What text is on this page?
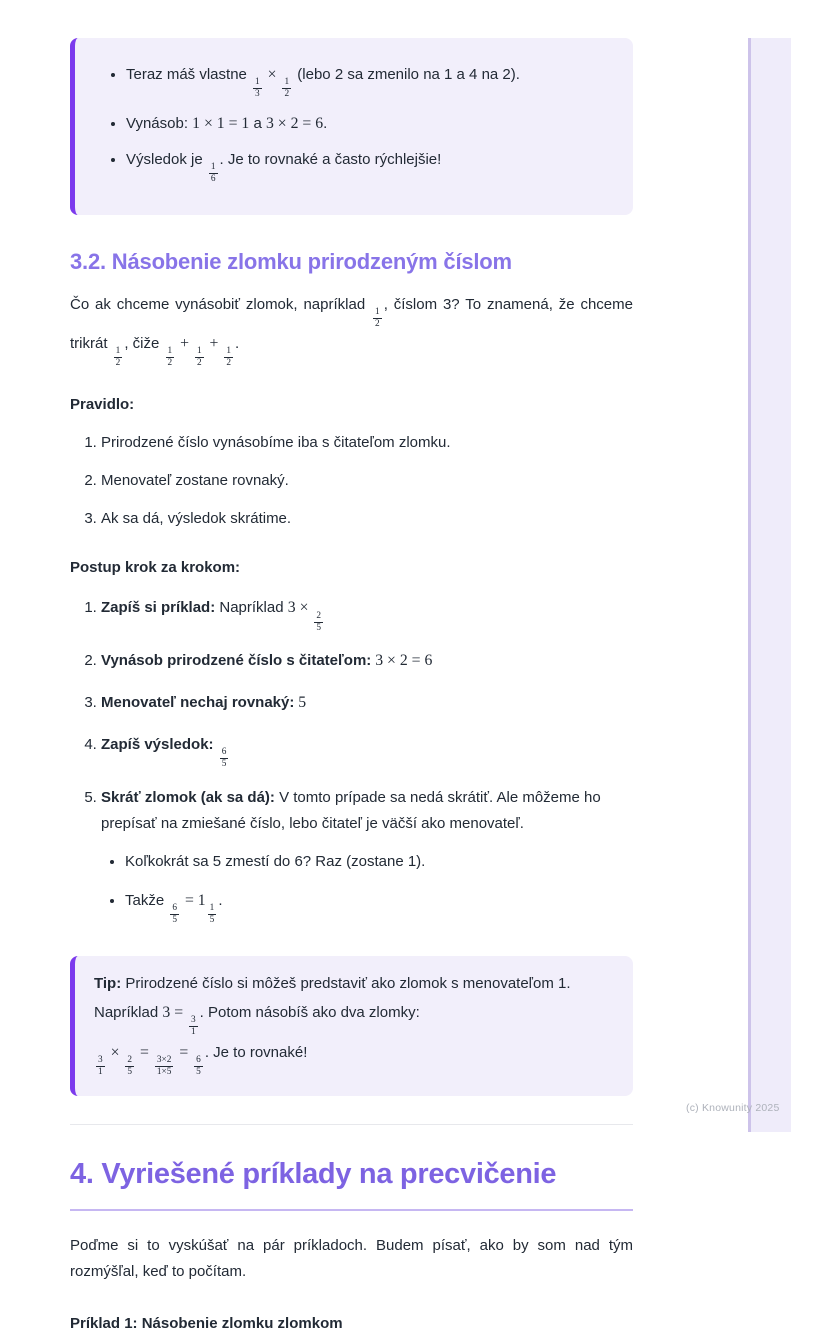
• Teraz máš vlastne
$\frac{1}{3}$
×
$\frac{1}{2}$
(lebo 2 sa zmenilo na 1 a 4 na 2).
• Vynásob: 1 × 1 = 1 a 3 × 2 = 6.
• Výsledok je
$\frac{1}{6}$
. Je to rovnaké a často rýchlejšie!
3.2. Násobenie zlomku prirodzeným číslom

Čo ak chceme vynásobiť zlomok, napríklad
$\frac{1}{2}$
, číslom 3? To znamená, že chceme trikrát
$\frac{1}{2}$
, čiže
$\frac{1}{2}$
+
$\frac{1}{2}$
+
$\frac{1}{2}$
.

Pravidlo:
1. Prirodzené číslo vynásobíme iba s čitateľom zlomku.
2. Menovateľ zostane rovnaký.
3. Ak sa dá, výsledok skrátime.
Postup krok za krokom:
1. Zapíš si príklad: Napríklad 3 ×
$\frac{2}{5}$
2. Vynásob prirodzené číslo s čitateľom: 3 × 2 = 6
3. Menovateľ nechaj rovnaký: 5
4. Zapíš výsledok:
$\frac{6}{5}$
5. Skráť zlomok (ak sa dá): V tomto prípade sa nedá skrátiť. Ale môžeme ho prepísať na zmiešané číslo, lebo čitateľ je väčší ako menovateľ.
• Koľkokrát sa 5 zmestí do 6? Raz (zostane 1).
• Takže
$\frac{6}{5}$
= 1
$\frac{1}{5}$
.
Tip: Prirodzené číslo si môžeš predstaviť ako zlomok s menovateľom 1.
Napríklad 3 =
$\frac{3}{1}$
. Potom násobíš ako dva zlomky:
$\frac{3}{1}$
×
$\frac{2}{5}$
=
$\frac{3\times 2}{1\times 5}$
=
$\frac{6}{5}$
. Je to rovnaké!
4. Vyriešené príklady na precvičenie

Poďme si to vyskúšať na pár príkladoch. Budem písať, ako by som nad tým rozmýšľal, keď to počítam.

Príklad 1: Násobenie zlomku zlomkom
(c) Knowunity 2025
